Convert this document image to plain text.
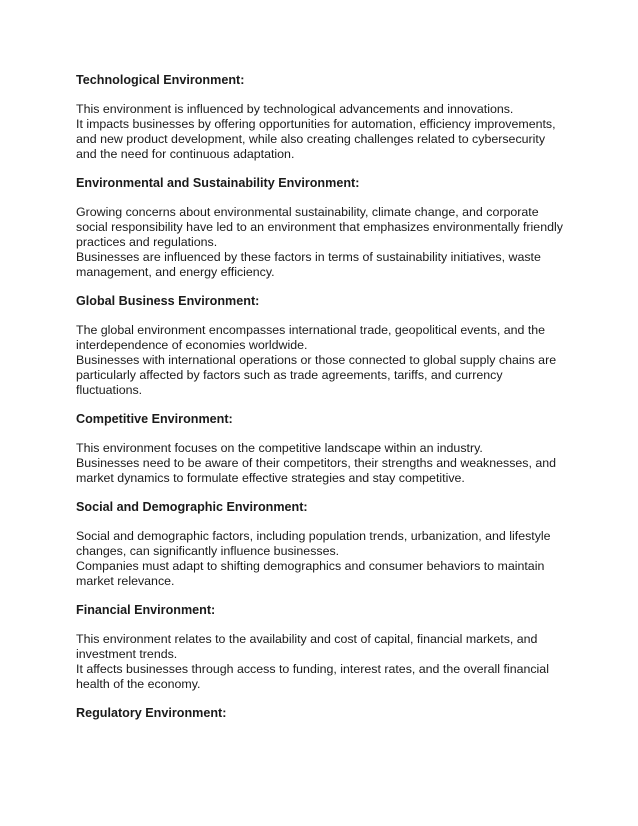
Technological Environment:

This environment is influenced by technological advancements and innovations.

It impacts businesses by offering opportunities for automation, efficiency improvements, and new product development, while also creating challenges related to cybersecurity and the need for continuous adaptation.

Environmental and Sustainability Environment:

Growing concerns about environmental sustainability, climate change, and corporate social responsibility have led to an environment that emphasizes environmentally friendly practices and regulations.

Businesses are influenced by these factors in terms of sustainability initiatives, waste management, and energy efficiency.

Global Business Environment:

The global environment encompasses international trade, geopolitical events, and the interdependence of economies worldwide.

Businesses with international operations or those connected to global supply chains are particularly affected by factors such as trade agreements, tariffs, and currency fluctuations.

Competitive Environment:

This environment focuses on the competitive landscape within an industry.

Businesses need to be aware of their competitors, their strengths and weaknesses, and market dynamics to formulate effective strategies and stay competitive.

Social and Demographic Environment:

Social and demographic factors, including population trends, urbanization, and lifestyle changes, can significantly influence businesses.

Companies must adapt to shifting demographics and consumer behaviors to maintain market relevance.

Financial Environment:

This environment relates to the availability and cost of capital, financial markets, and investment trends.

It affects businesses through access to funding, interest rates, and the overall financial health of the economy.

Regulatory Environment:
